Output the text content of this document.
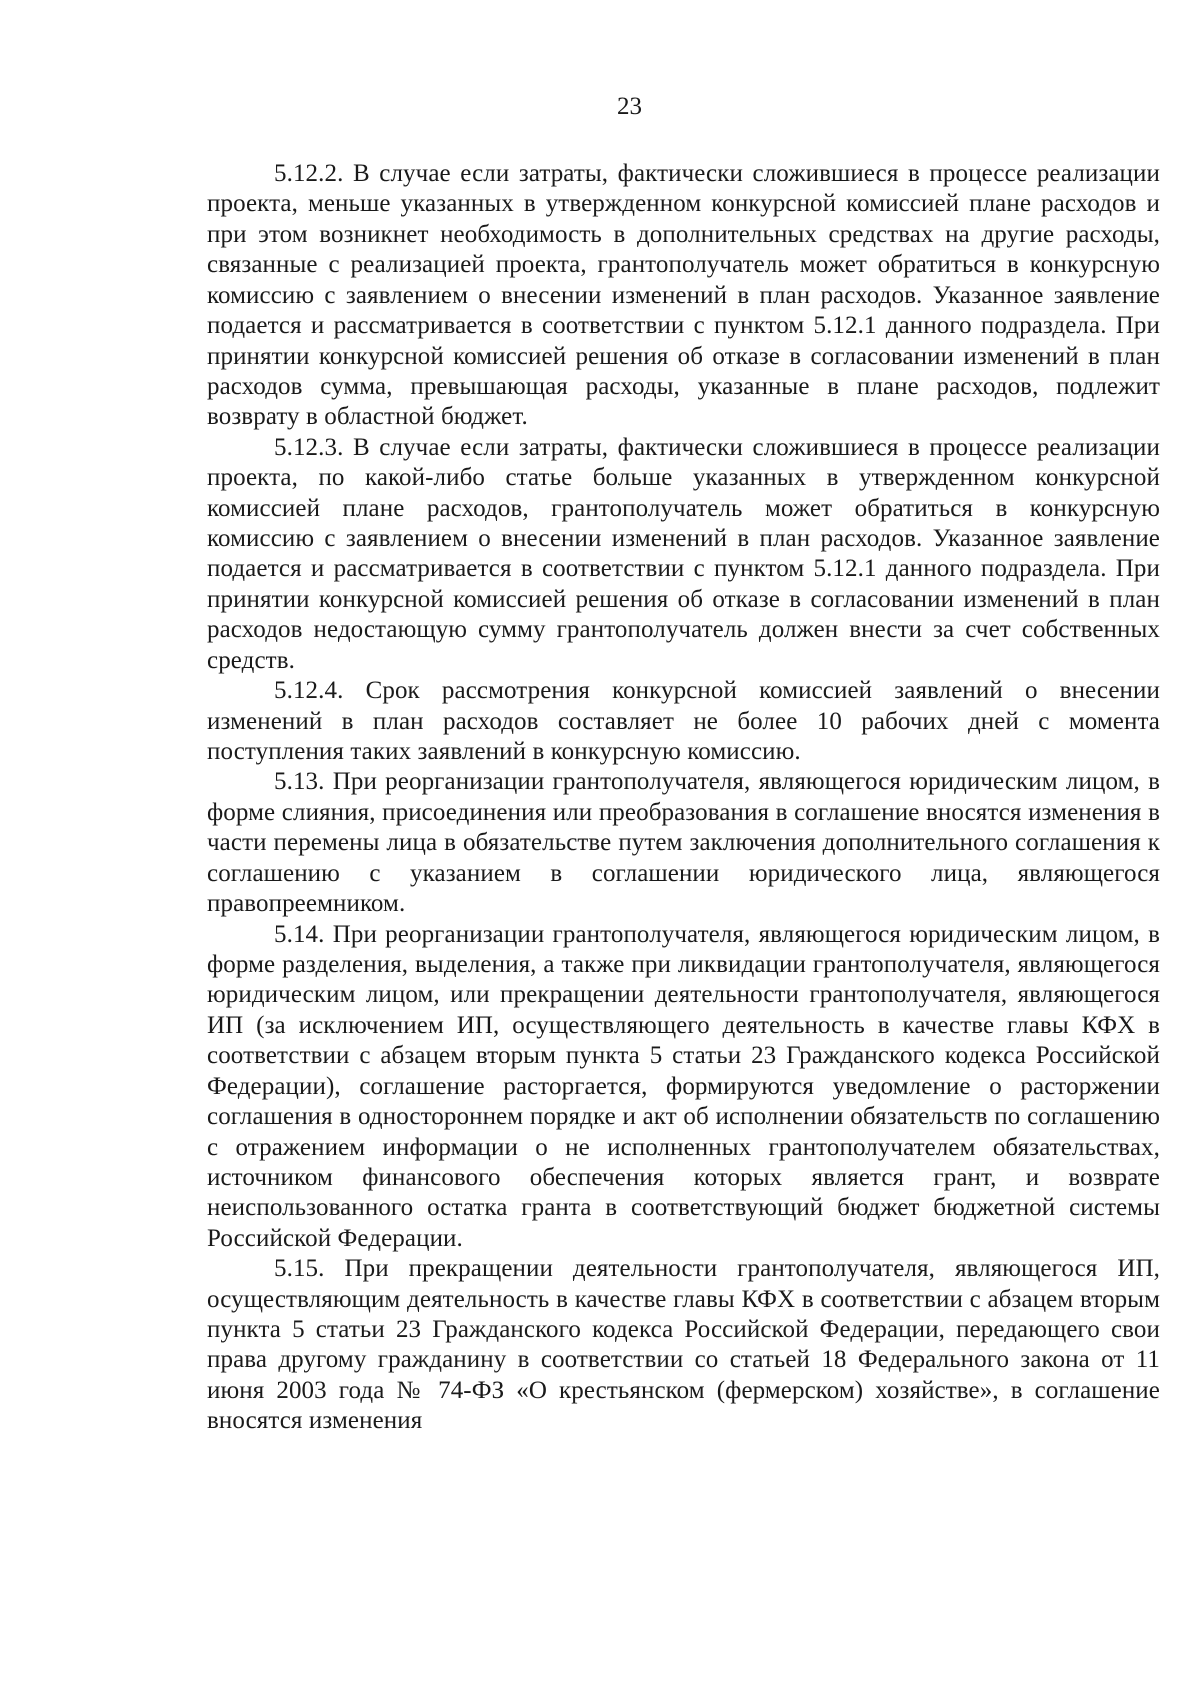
23

5.12.2. В случае если затраты, фактически сложившиеся в процессе реализации проекта, меньше указанных в утвержденном конкурсной комиссией плане расходов и при этом возникнет необходимость в дополнительных средствах на другие расходы, связанные с реализацией проекта, грантополучатель может обратиться в конкурсную комиссию с заявлением о внесении изменений в план расходов. Указанное заявление подается и рассматривается в соответствии с пунктом 5.12.1 данного подраздела. При принятии конкурсной комиссией решения об отказе в согласовании изменений в план расходов сумма, превышающая расходы, указанные в плане расходов, подлежит возврату в областной бюджет.

5.12.3. В случае если затраты, фактически сложившиеся в процессе реализации проекта, по какой-либо статье больше указанных в утвержденном конкурсной комиссией плане расходов, грантополучатель может обратиться в конкурсную комиссию с заявлением о внесении изменений в план расходов. Указанное заявление подается и рассматривается в соответствии с пунктом 5.12.1 данного подраздела. При принятии конкурсной комиссией решения об отказе в согласовании изменений в план расходов недостающую сумму грантополучатель должен внести за счет собственных средств.

5.12.4. Срок рассмотрения конкурсной комиссией заявлений о внесении изменений в план расходов составляет не более 10 рабочих дней с момента поступления таких заявлений в конкурсную комиссию.

5.13. При реорганизации грантополучателя, являющегося юридическим лицом, в форме слияния, присоединения или преобразования в соглашение вносятся изменения в части перемены лица в обязательстве путем заключения дополнительного соглашения к соглашению с указанием в соглашении юридического лица, являющегося правопреемником.

5.14. При реорганизации грантополучателя, являющегося юридическим лицом, в форме разделения, выделения, а также при ликвидации грантополучателя, являющегося юридическим лицом, или прекращении деятельности грантополучателя, являющегося ИП (за исключением ИП, осуществляющего деятельность в качестве главы КФХ в соответствии с абзацем вторым пункта 5 статьи 23 Гражданского кодекса Российской Федерации), соглашение расторгается, формируются уведомление о расторжении соглашения в одностороннем порядке и акт об исполнении обязательств по соглашению с отражением информации о не исполненных грантополучателем обязательствах, источником финансового обеспечения которых является грант, и возврате неиспользованного остатка гранта в соответствующий бюджет бюджетной системы Российской Федерации.

5.15. При прекращении деятельности грантополучателя, являющегося ИП, осуществляющим деятельность в качестве главы КФХ в соответствии с абзацем вторым пункта 5 статьи 23 Гражданского кодекса Российской Федерации, передающего свои права другому гражданину в соответствии со статьей 18 Федерального закона от 11 июня 2003 года № 74-ФЗ «О крестьянском (фермерском) хозяйстве», в соглашение вносятся изменения
